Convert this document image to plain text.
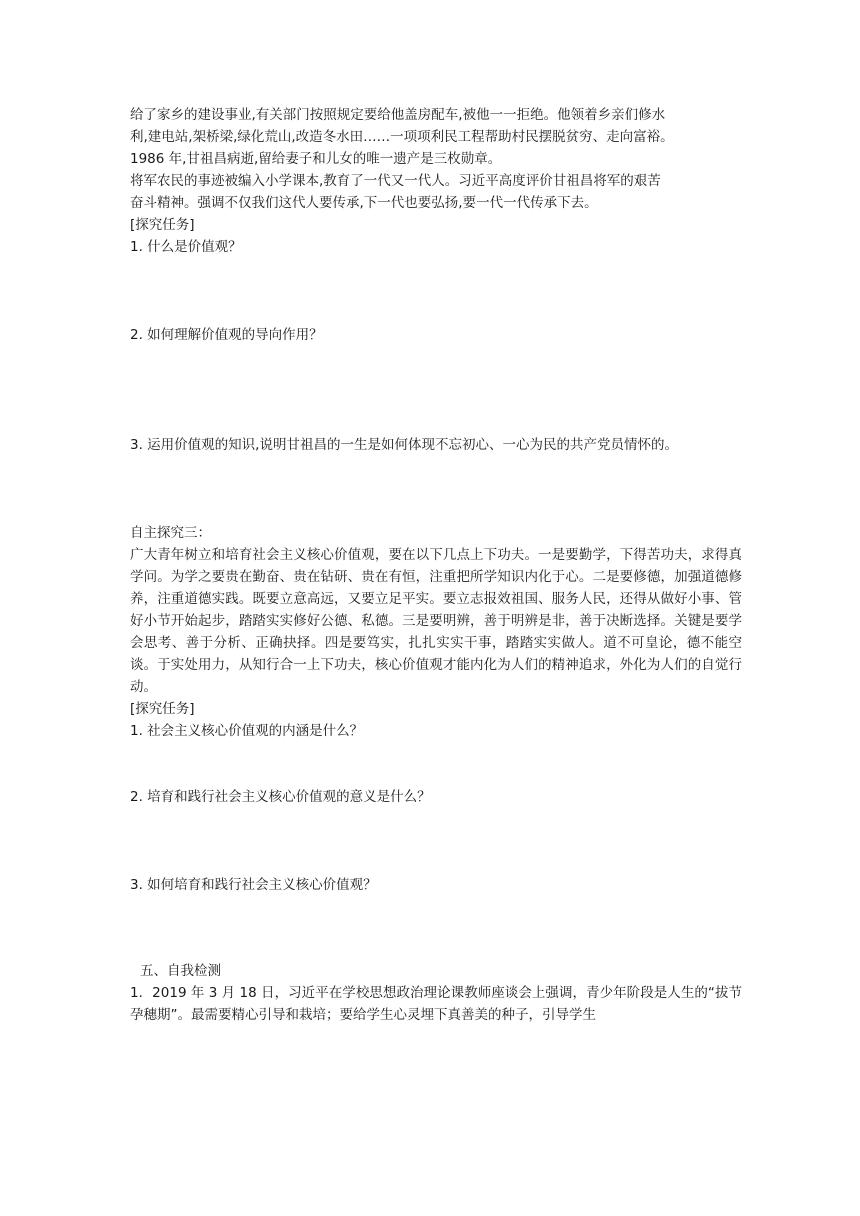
给了家乡的建设事业,有关部门按照规定要给他盖房配车,被他一一拒绝。他领着乡亲们修水

利,建电站,架桥梁,绿化荒山,改造冬水田……一项项利民工程帮助村民摆脱贫穷、走向富裕。

1986 年,甘祖昌病逝,留给妻子和儿女的唯一遗产是三枚勋章。

将军农民的事迹被编入小学课本,教育了一代又一代人。习近平高度评价甘祖昌将军的艰苦

奋斗精神。强调不仅我们这代人要传承,下一代也要弘扬,要一代一代传承下去。

[探究任务]

1. 什么是价值观？

2. 如何理解价值观的导向作用？

3. 运用价值观的知识,说明甘祖昌的一生是如何体现不忘初心、一心为民的共产党员情怀的。

自主探究三：

广大青年树立和培育社会主义核心价值观，要在以下几点上下功夫。一是要勤学，下得苦功夫，求得真学问。为学之要贵在勤奋、贵在钻研、贵在有恒，注重把所学知识内化于心。二是要修德，加强道德修养，注重道德实践。既要立意高远，又要立足平实。要立志报效祖国、服务人民，还得从做好小事、管好小节开始起步，踏踏实实修好公德、私德。三是要明辨，善于明辨是非，善于决断选择。关键是要学会思考、善于分析、正确抉择。四是要笃实，扎扎实实干事，踏踏实实做人。道不可皇论，德不能空谈。于实处用力，从知行合一上下功夫，核心价值观才能内化为人们的精神追求，外化为人们的自觉行动。

[探究任务]

1. 社会主义核心价值观的内涵是什么？

2. 培育和践行社会主义核心价值观的意义是什么？

3. 如何培育和践行社会主义核心价值观？

五、自我检测

1．2019 年 3 月 18 日，习近平在学校思想政治理论课教师座谈会上强调，青少年阶段是人生的“拔节孕穗期”。最需要精心引导和栽培；要给学生心灵埋下真善美的种子，引导学生
